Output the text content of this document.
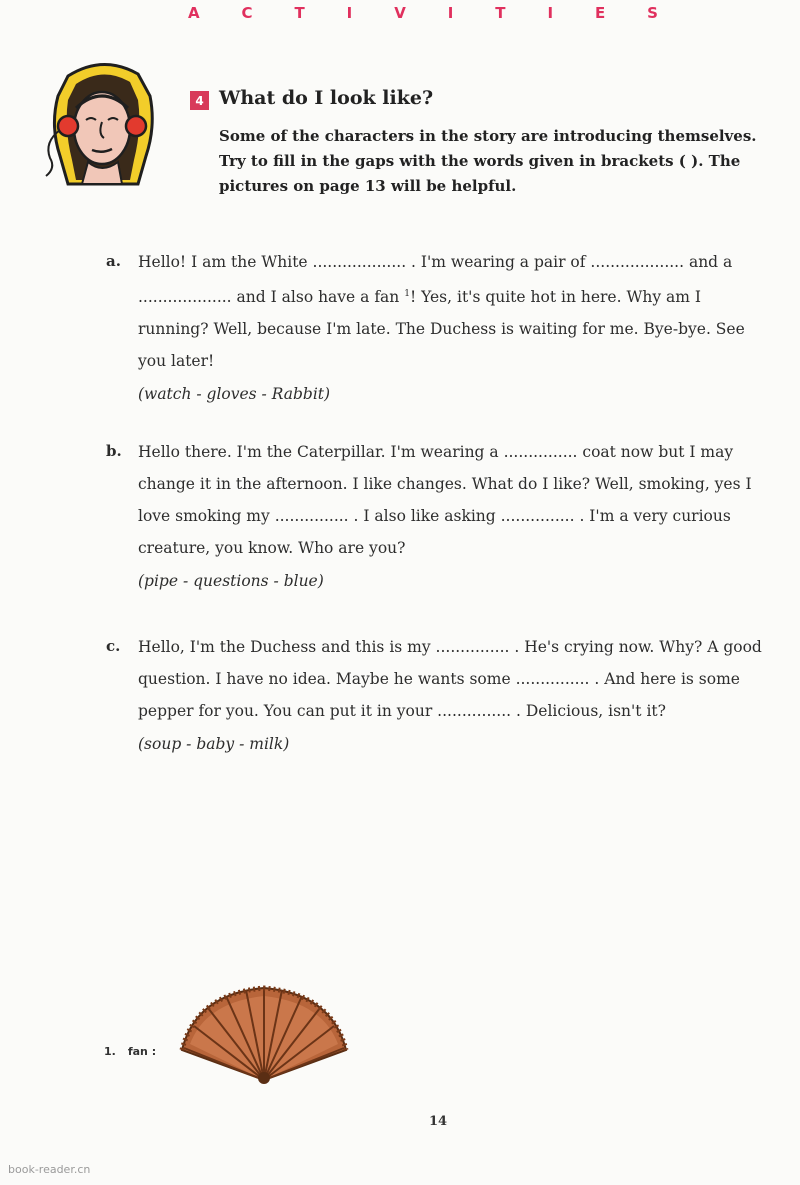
A	C	T	I	V	I	T	I	E	S
4 What do I look like?
Some of the characters in the story are introducing themselves. Try to fill in the gaps with the words given in brackets ( ). The pictures on page 13 will be helpful.
a. Hello! I am the White ................... . I'm wearing a pair of ................... and a ................... and I also have a fan $^1$! Yes, it's quite hot in here. Why am I running? Well, because I'm late. The Duchess is waiting for me. Bye-bye. See you later!
(watch - gloves - Rabbit)
b. Hello there. I'm the Caterpillar. I'm wearing a ............... coat now but I may change it in the afternoon. I like changes. What do I like? Well, smoking, yes I love smoking my ............... . I also like asking ............... . I'm a very curious creature, you know. Who are you?
(pipe - questions - blue)
c. Hello, I'm the Duchess and this is my ............... . He's crying now. Why? A good question. I have no idea. Maybe he wants some ............... . And here is some pepper for you. You can put it in your ............... . Delicious, isn't it?
(soup - baby - milk)
1. fan :
14
book-reader.cn
